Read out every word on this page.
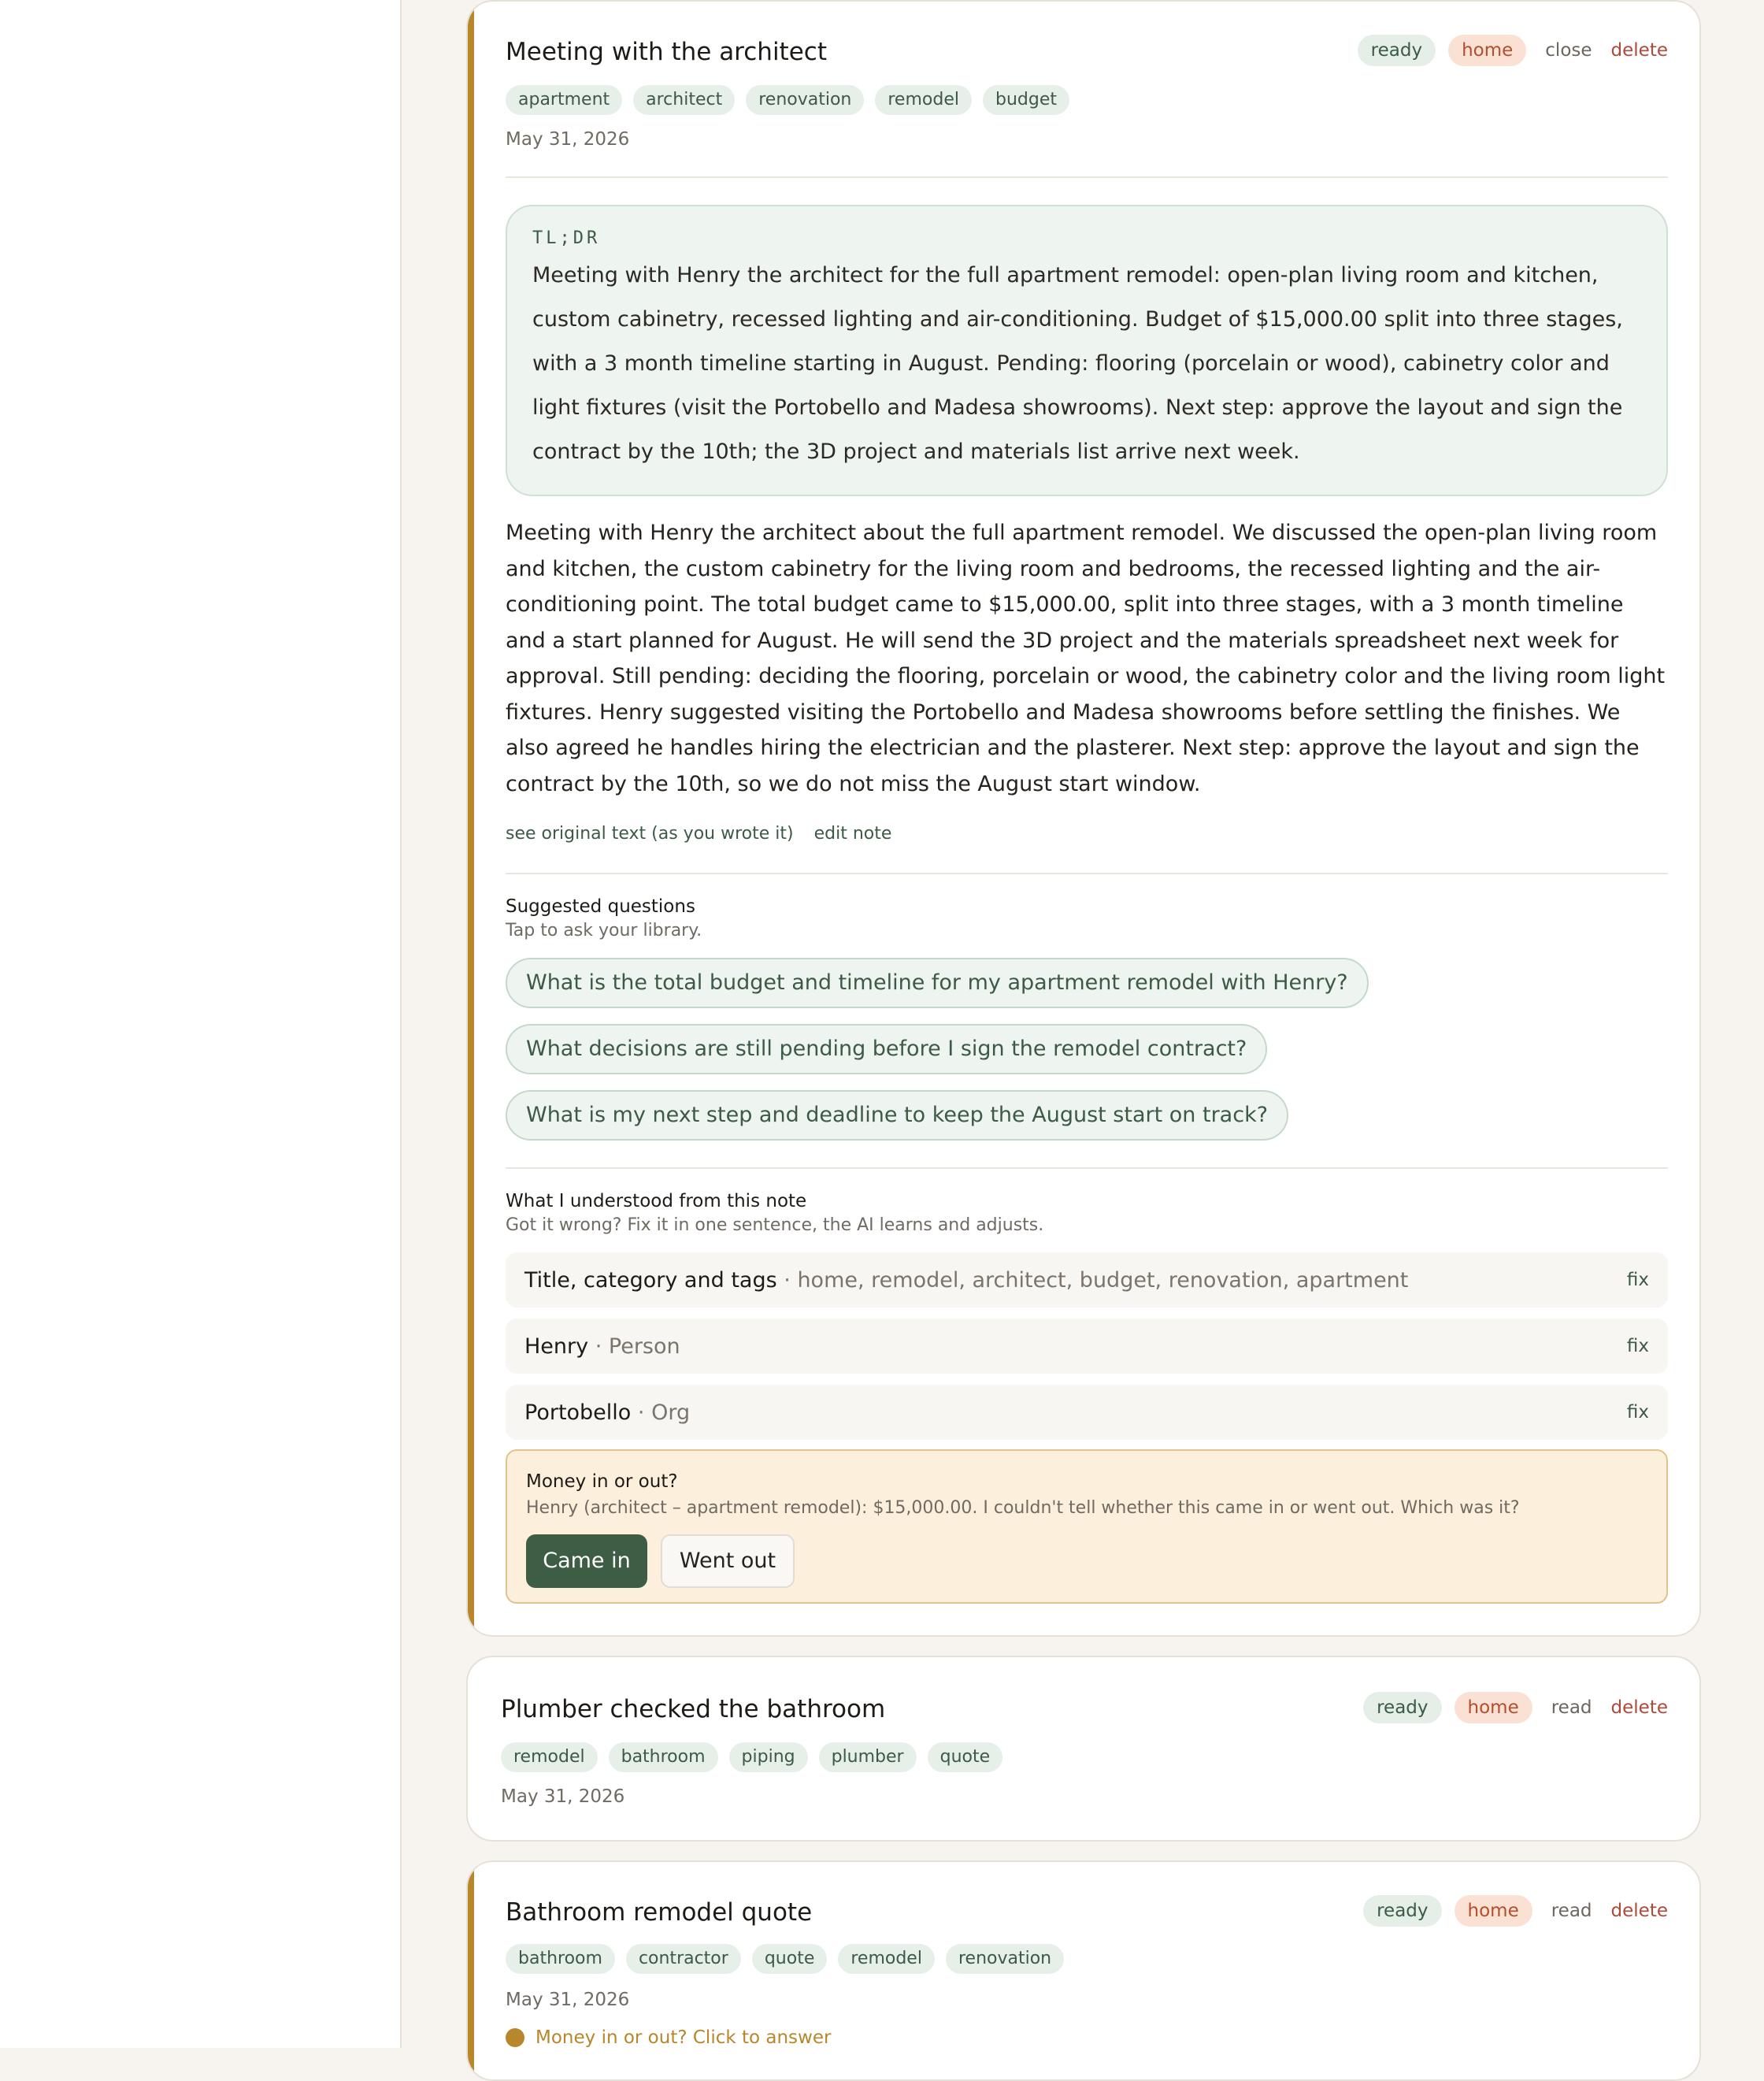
Meeting with the architect	ready	home	close delete
apartment	architect	renovation	remodel	budget
May 31, 2026
TL;DR
Meeting with Henry the architect for the full apartment remodel: open-plan living room and kitchen, custom cabinetry, recessed lighting and air-conditioning. Budget of $15,000.00 split into three stages, with a 3 month timeline starting in August. Pending: flooring (porcelain or wood), cabinetry color and light fixtures (visit the Portobello and Madesa showrooms). Next step: approve the layout and sign the contract by the 10th; the 3D project and materials list arrive next week.
Meeting with Henry the architect about the full apartment remodel. We discussed the open-plan living room and kitchen, the custom cabinetry for the living room and bedrooms, the recessed lighting and the air-conditioning point. The total budget came to $15,000.00, split into three stages, with a 3 month timeline and a start planned for August. He will send the 3D project and the materials spreadsheet next week for approval. Still pending: deciding the flooring, porcelain or wood, the cabinetry color and the living room light fixtures. Henry suggested visiting the Portobello and Madesa showrooms before settling the finishes. We also agreed he handles hiring the electrician and the plasterer. Next step: approve the layout and sign the contract by the 10th, so we do not miss the August start window.
see original text (as you wrote it) edit note
Suggested questions
Tap to ask your library.
What is the total budget and timeline for my apartment remodel with Henry?
What decisions are still pending before I sign the remodel contract?
What is my next step and deadline to keep the August start on track?
What I understood from this note
Got it wrong? Fix it in one sentence, the AI learns and adjusts.
Title, category and tags · home, remodel, architect, budget, renovation, apartment	fix
Henry · Person	fix
Portobello · Org	fix
Money in or out?
Henry (architect – apartment remodel): $15,000.00. I couldn't tell whether this came in or went out. Which was it?
Came in	Went out
Plumber checked the bathroom	ready	home	read delete
remodel	bathroom	piping	plumber	quote
May 31, 2026
Bathroom remodel quote	ready	home	read delete
bathroom	contractor	quote	remodel	renovation
May 31, 2026
Money in or out? Click to answer
